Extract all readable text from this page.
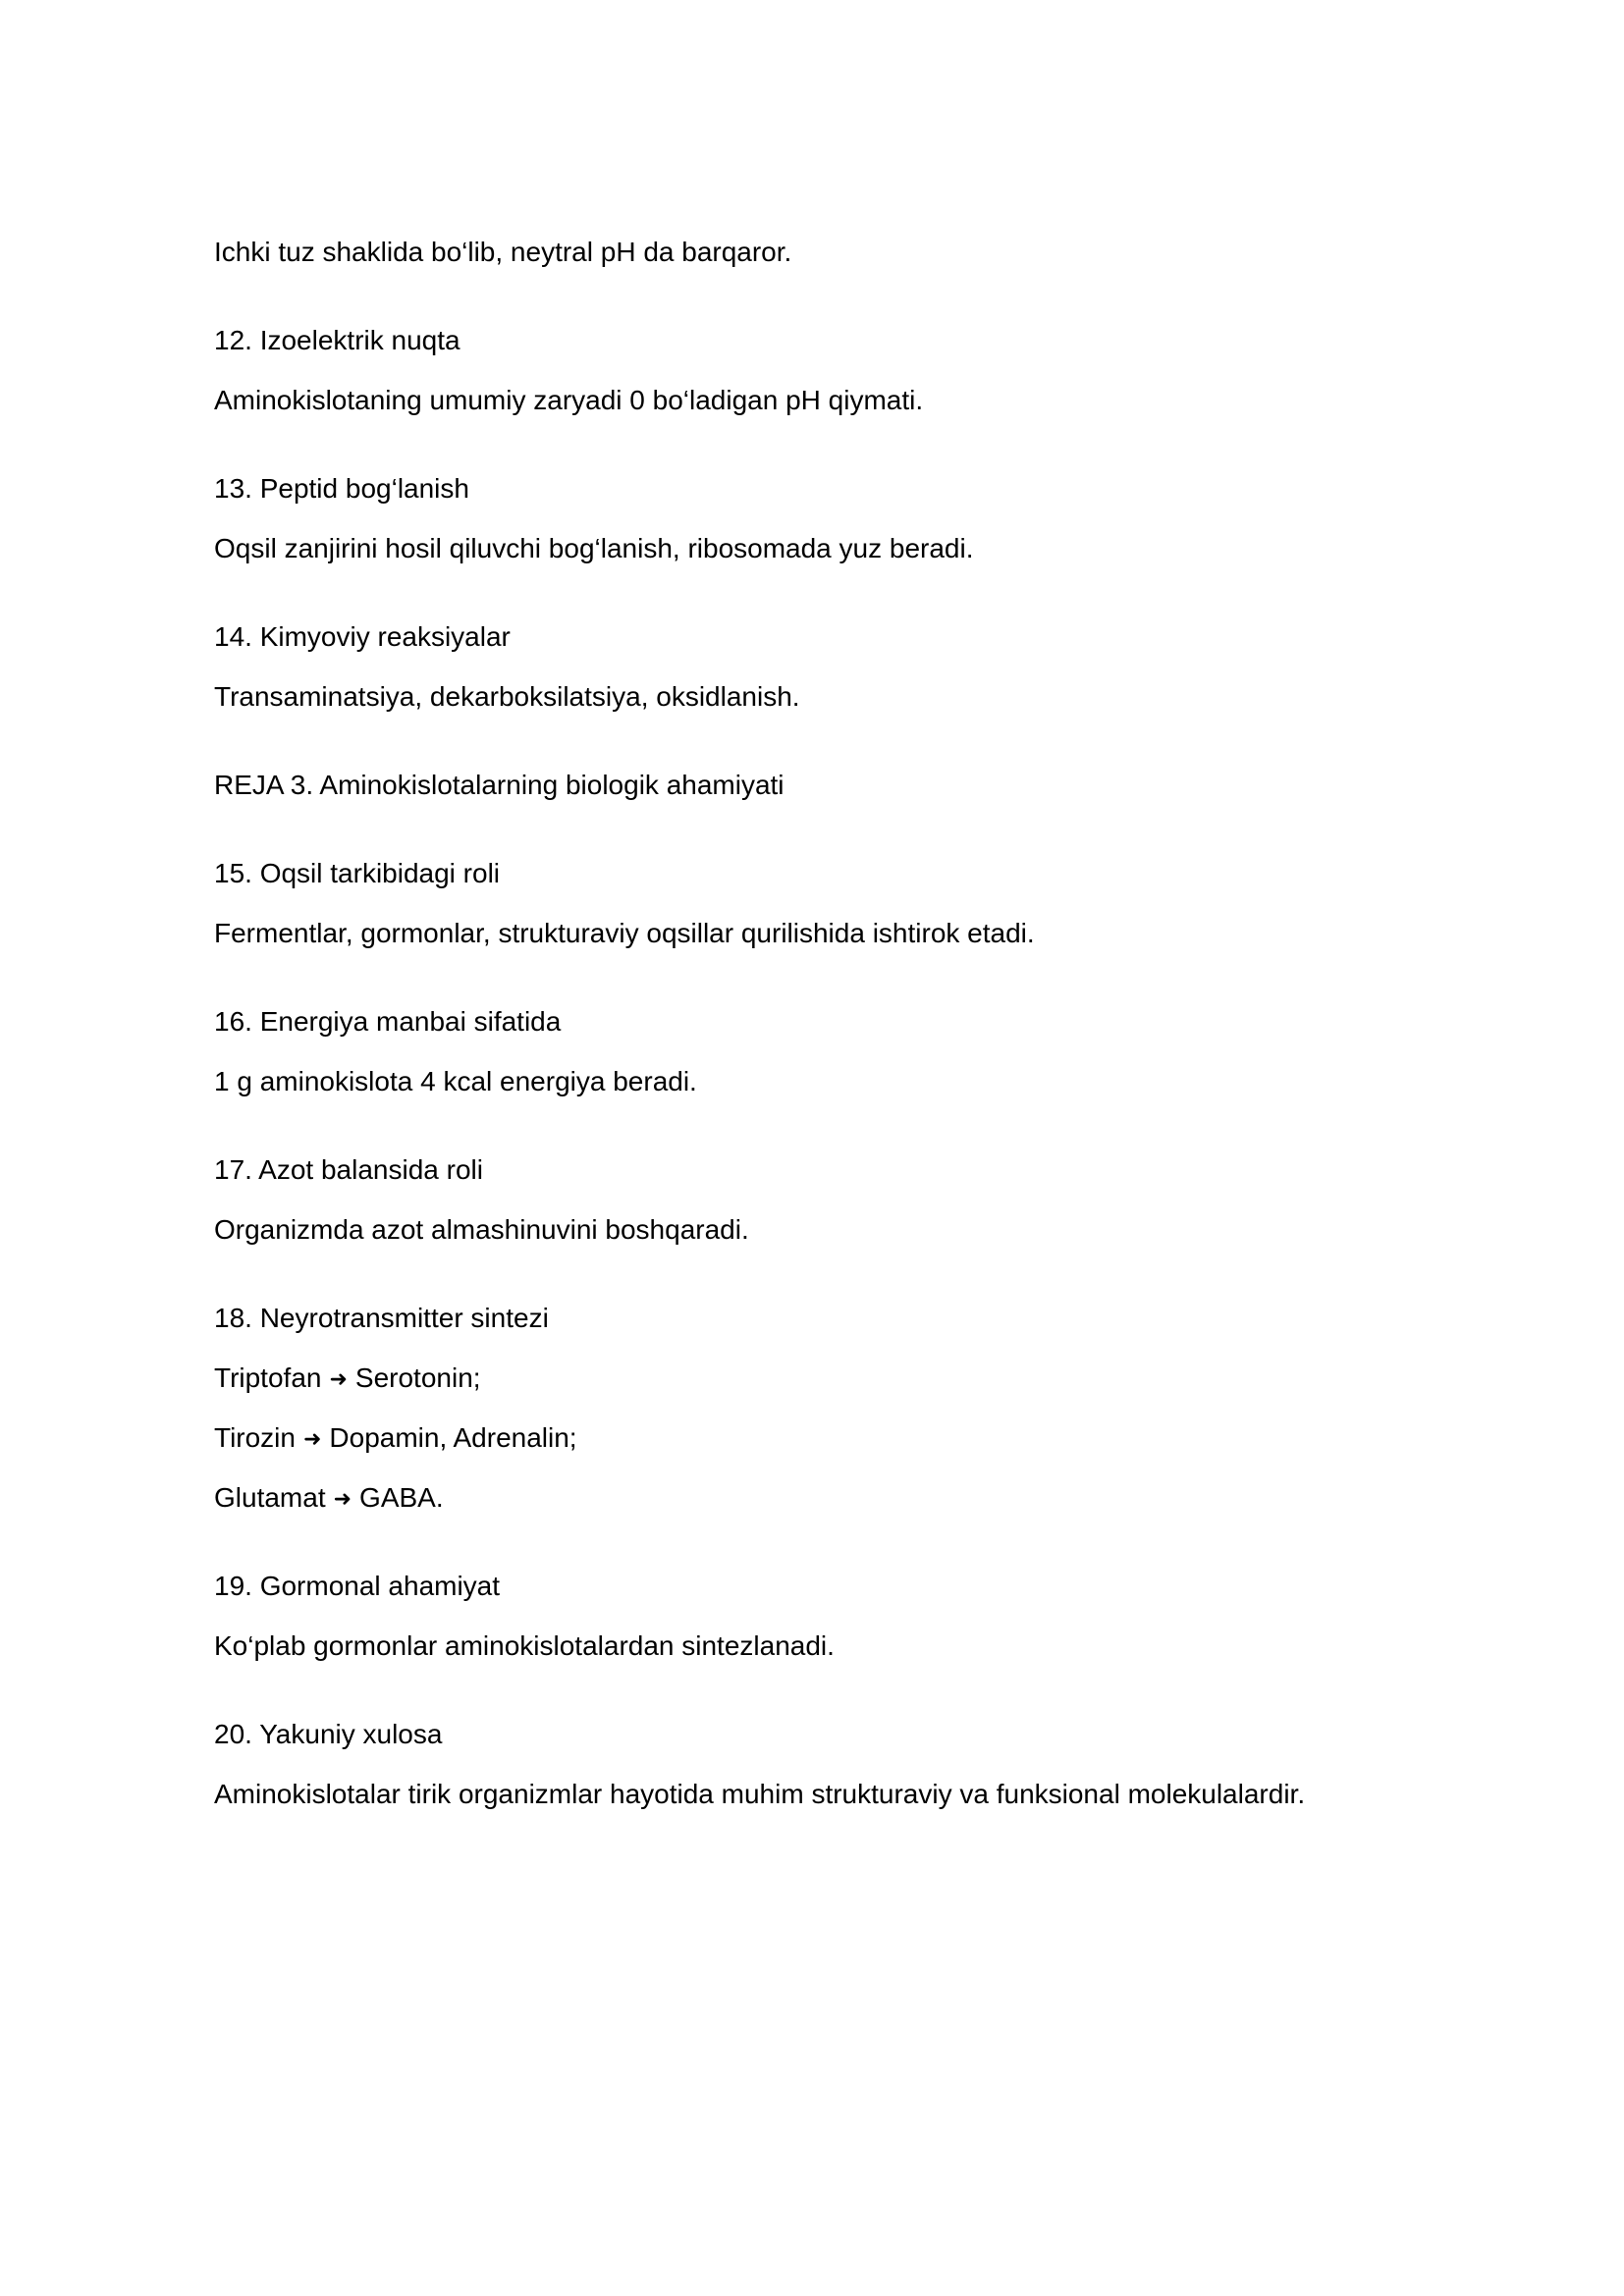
Ichki tuz shaklida bo‘lib, neytral pH da barqaror.
12. Izoelektrik nuqta
Aminokislotaning umumiy zaryadi 0 bo‘ladigan pH qiymati.
13. Peptid bog‘lanish
Oqsil zanjirini hosil qiluvchi bog‘lanish, ribosomada yuz beradi.
14. Kimyoviy reaksiyalar
Transaminatsiya, dekarboksilatsiya, oksidlanish.
REJA 3. Aminokislotalarning biologik ahamiyati
15. Oqsil tarkibidagi roli
Fermentlar, gormonlar, strukturaviy oqsillar qurilishida ishtirok etadi.
16. Energiya manbai sifatida
1 g aminokislota 4 kcal energiya beradi.
17. Azot balansida roli
Organizmda azot almashinuvini boshqaradi.
18. Neyrotransmitter sintezi
Triptofan ➜ Serotonin;
Tirozin ➜ Dopamin, Adrenalin;
Glutamat ➜ GABA.
19. Gormonal ahamiyat
Ko‘plab gormonlar aminokislotalardan sintezlanadi.
20. Yakuniy xulosa
Aminokislotalar tirik organizmlar hayotida muhim strukturaviy va funksional molekulalardir.
